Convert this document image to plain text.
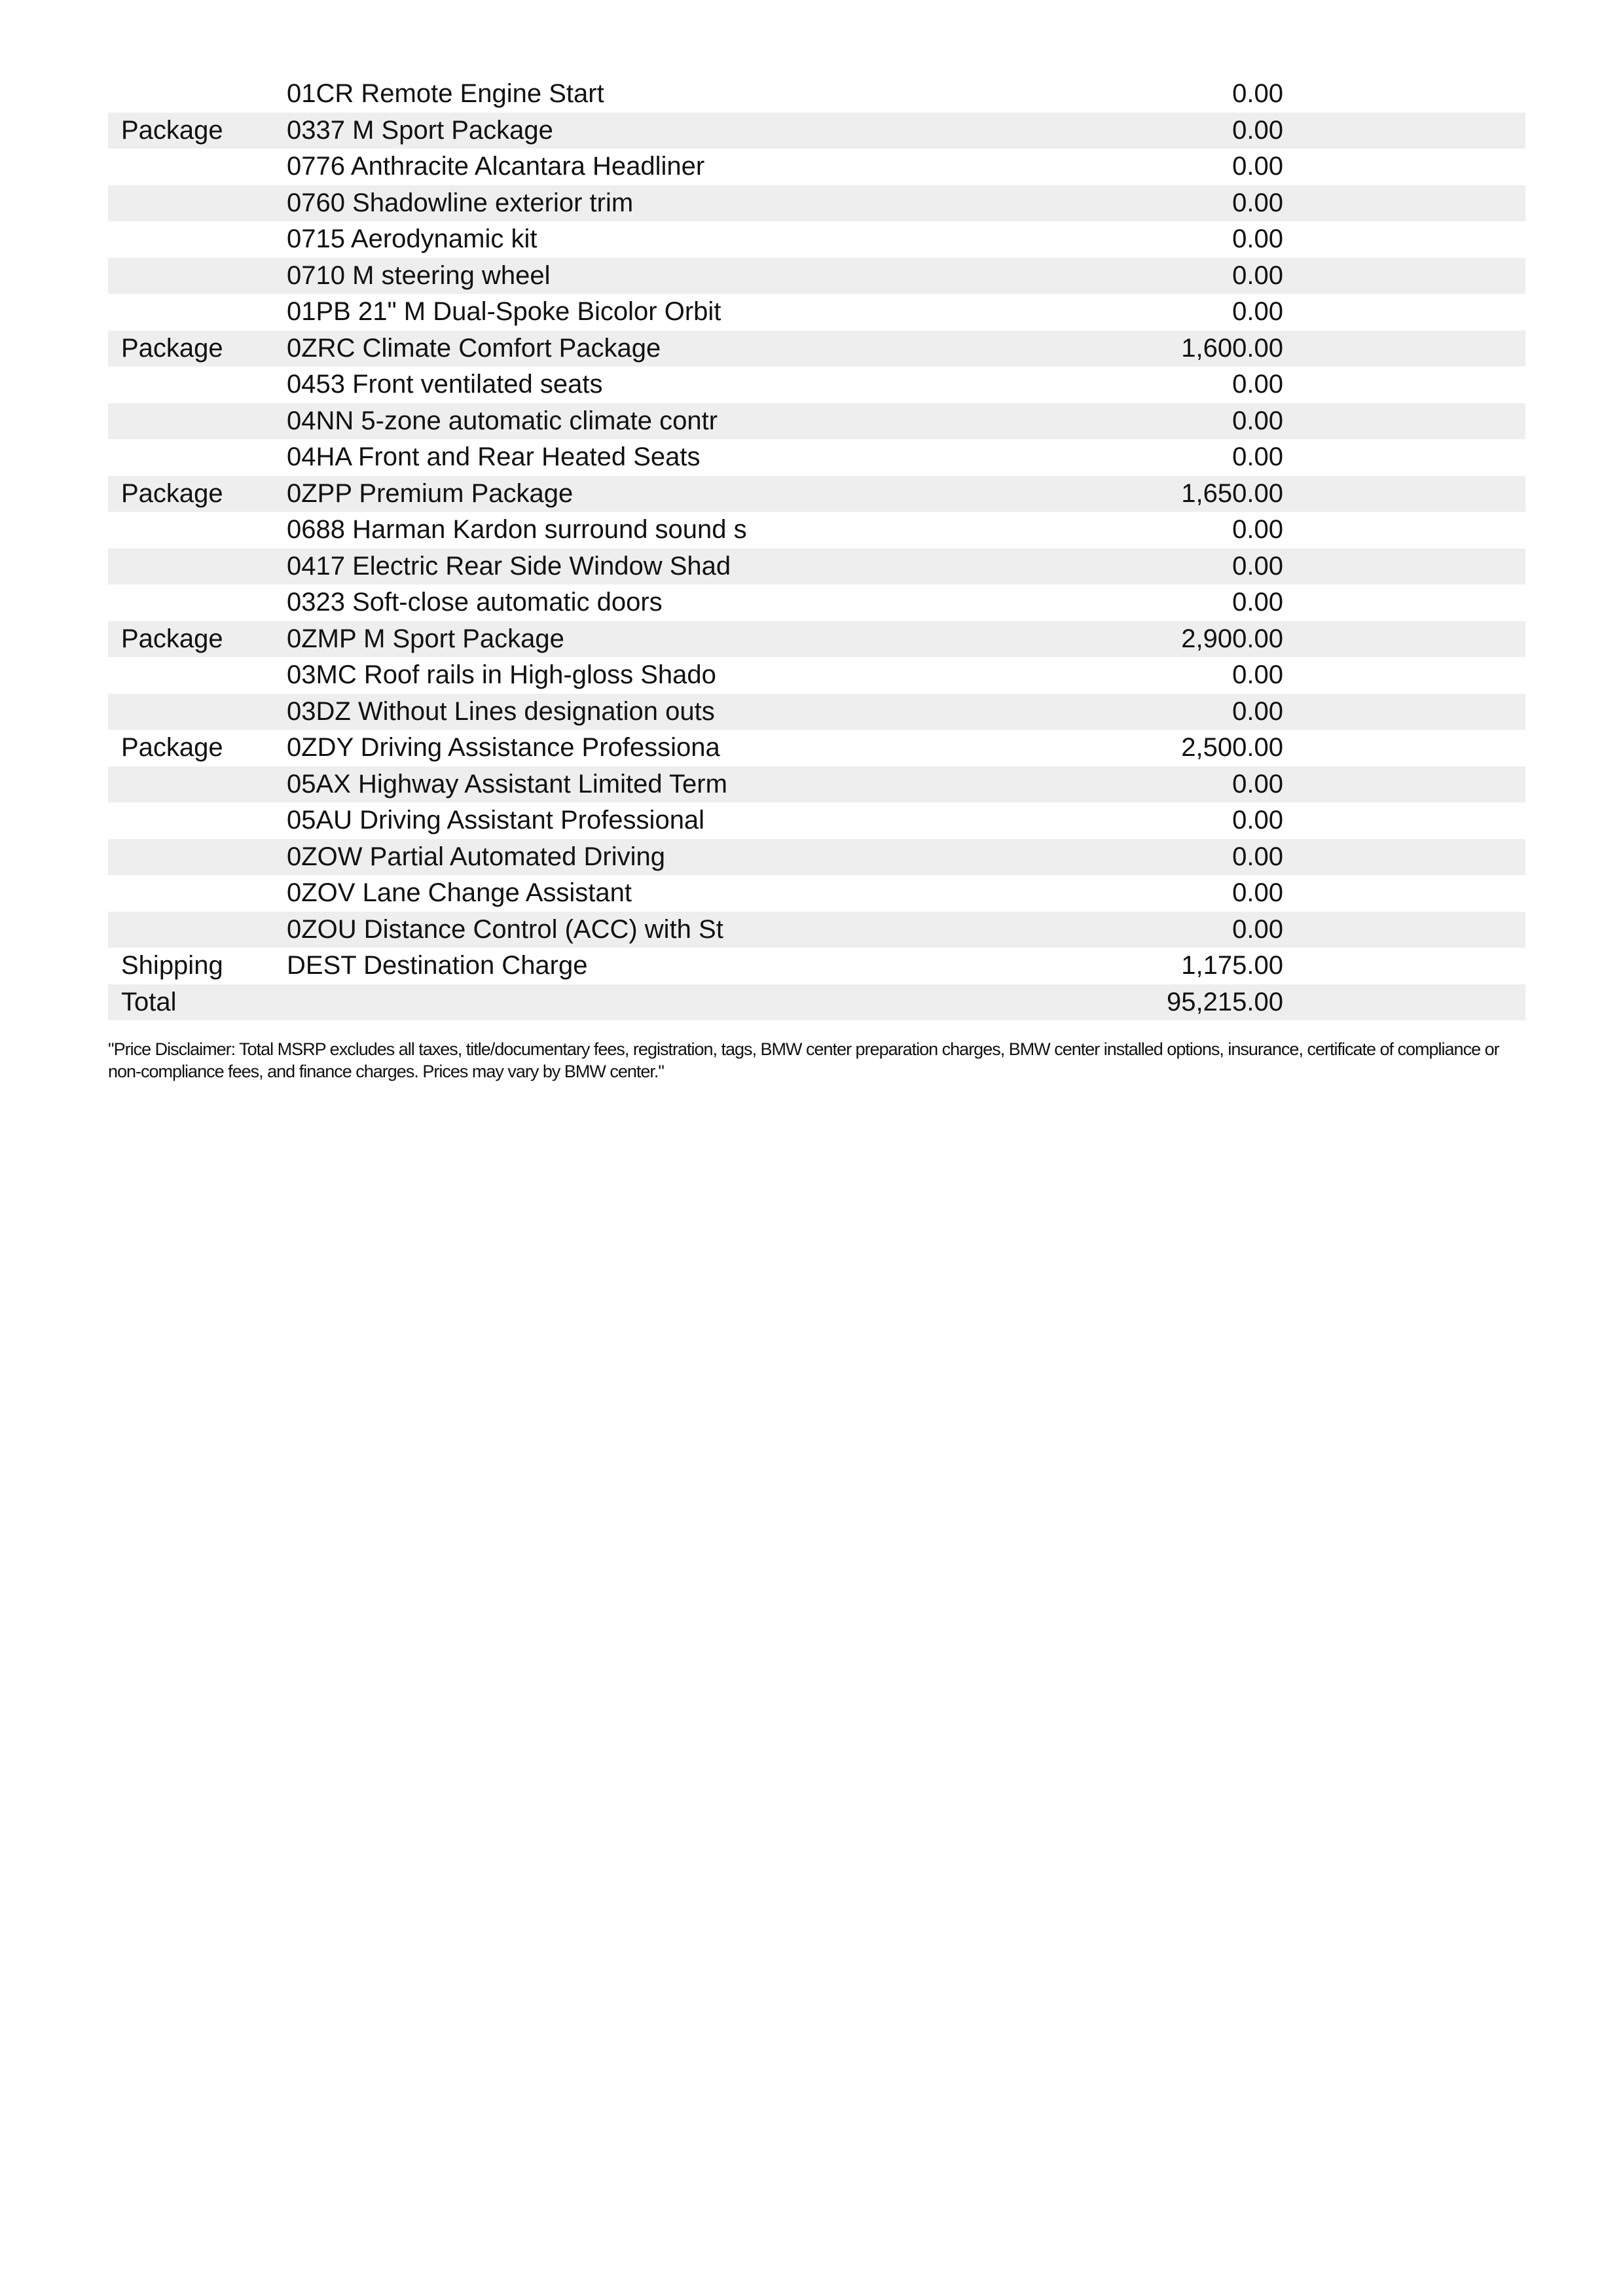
	01CR Remote Engine Start	0.00	
Package	0337 M Sport Package	0.00	
	0776 Anthracite Alcantara Headliner	0.00	
	0760 Shadowline exterior trim	0.00	
	0715 Aerodynamic kit	0.00	
	0710 M steering wheel	0.00	
	01PB 21" M Dual-Spoke Bicolor Orbit	0.00	
Package	0ZRC Climate Comfort Package	1,600.00	
	0453 Front ventilated seats	0.00	
	04NN 5-zone automatic climate contr	0.00	
	04HA Front and Rear Heated Seats	0.00	
Package	0ZPP Premium Package	1,650.00	
	0688 Harman Kardon surround sound s	0.00	
	0417 Electric Rear Side Window Shad	0.00	
	0323 Soft-close automatic doors	0.00	
Package	0ZMP M Sport Package	2,900.00	
	03MC Roof rails in High-gloss Shado	0.00	
	03DZ Without Lines designation outs	0.00	
Package	0ZDY Driving Assistance Professiona	2,500.00	
	05AX Highway Assistant Limited Term	0.00	
	05AU Driving Assistant Professional	0.00	
	0ZOW Partial Automated Driving	0.00	
	0ZOV Lane Change Assistant	0.00	
	0ZOU Distance Control (ACC) with St	0.00	
Shipping	DEST Destination Charge	1,175.00	
Total		95,215.00	
"Price Disclaimer: Total MSRP excludes all taxes, title/documentary fees, registration, tags, BMW center preparation charges, BMW center installed options, insurance, certificate of compliance or non-compliance fees, and finance charges. Prices may vary by BMW center."
